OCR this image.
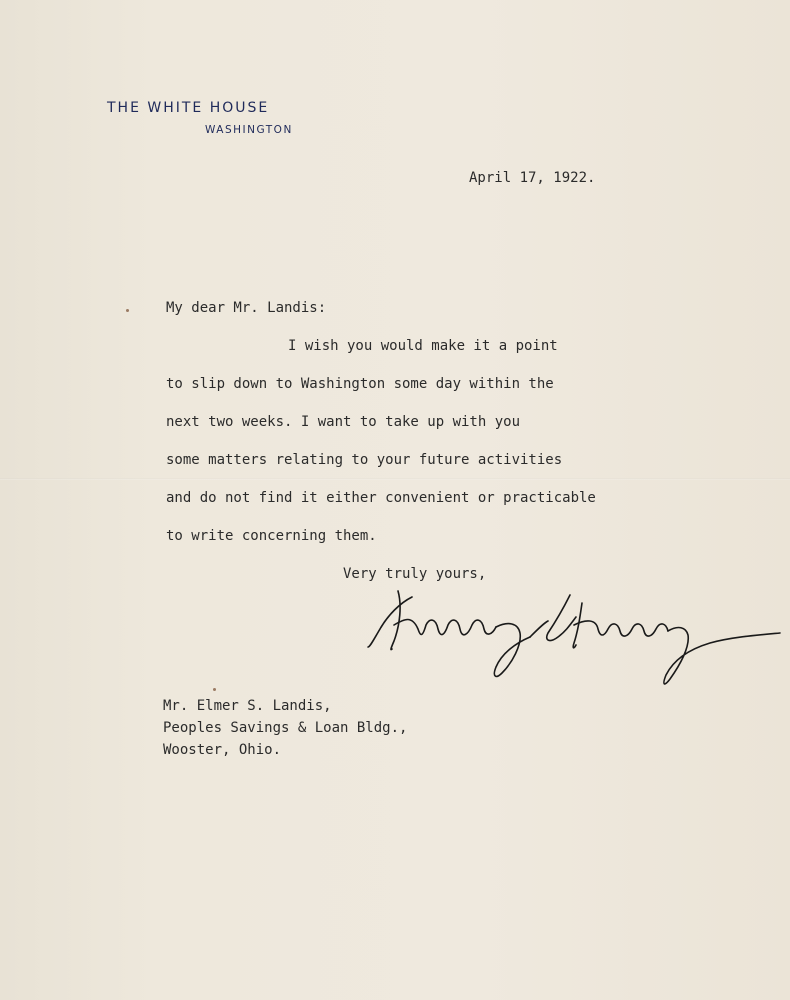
THE WHITE HOUSE
WASHINGTON
April 17, 1922.
My dear Mr. Landis:
I wish you would make it a point
to slip down to Washington some day within the
next two weeks. I want to take up with you
some matters relating to your future activities
and do not find it either convenient or practicable
to write concerning them.
Very truly yours,
Mr. Elmer S. Landis,
Peoples Savings & Loan Bldg.,
Wooster, Ohio.
